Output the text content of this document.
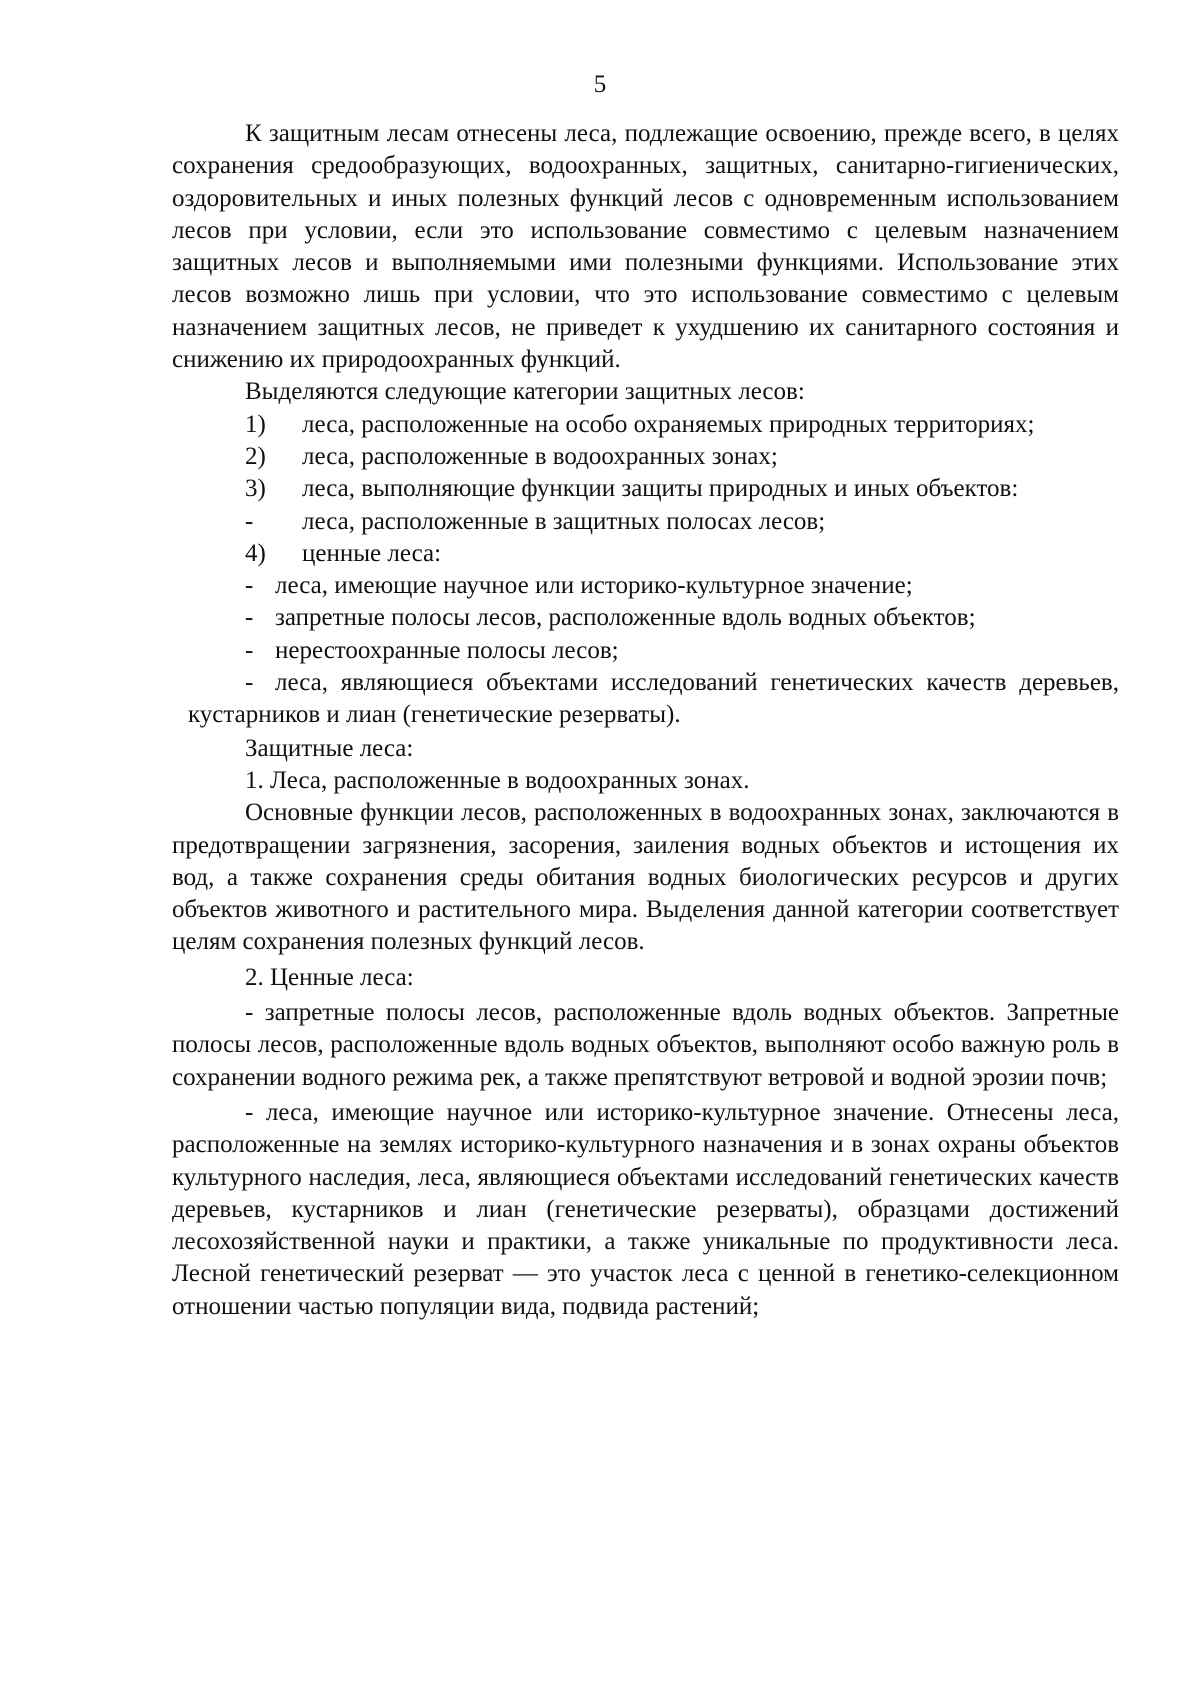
5

К защитным лесам отнесены леса, подлежащие освоению, прежде всего, в целях сохранения средообразующих, водоохранных, защитных, санитарно-гигиенических, оздоровительных и иных полезных функций лесов с одновременным использованием лесов при условии, если это использование совместимо с целевым назначением защитных лесов и выполняемыми ими полезными функциями. Использование этих лесов возможно лишь при условии, что это использование совместимо с целевым назначением защитных лесов, не приведет к ухудшению их санитарного состояния и снижению их природоохранных функций.

Выделяются следующие категории защитных лесов:

1) леса, расположенные на особо охраняемых природных территориях;

2) леса, расположенные в водоохранных зонах;

3) леса, выполняющие функции защиты природных и иных объектов:

- леса, расположенные в защитных полосах лесов;

4) ценные леса:

- леса, имеющие научное или историко-культурное значение;

- запретные полосы лесов, расположенные вдоль водных объектов;

- нерестоохранные полосы лесов;

- леса, являющиеся объектами исследований генетических качеств деревьев, кустарников и лиан (генетические резерваты).

Защитные леса:

1. Леса, расположенные в водоохранных зонах.

Основные функции лесов, расположенных в водоохранных зонах, заключаются в предотвращении загрязнения, засорения, заиления водных объектов и истощения их вод, а также сохранения среды обитания водных биологических ресурсов и других объектов животного и растительного мира. Выделения данной категории соответствует целям сохранения полезных функций лесов.

2. Ценные леса:

- запретные полосы лесов, расположенные вдоль водных объектов. Запретные полосы лесов, расположенные вдоль водных объектов, выполняют особо важную роль в сохранении водного режима рек, а также препятствуют ветровой и водной эрозии почв;

- леса, имеющие научное или историко-культурное значение. Отнесены леса, расположенные на землях историко-культурного назначения и в зонах охраны объектов культурного наследия, леса, являющиеся объектами исследований генетических качеств деревьев, кустарников и лиан (генетические резерваты), образцами достижений лесохозяйственной науки и практики, а также уникальные по продуктивности леса. Лесной генетический резерват — это участок леса с ценной в генетико-селекционном отношении частью популяции вида, подвида растений;
